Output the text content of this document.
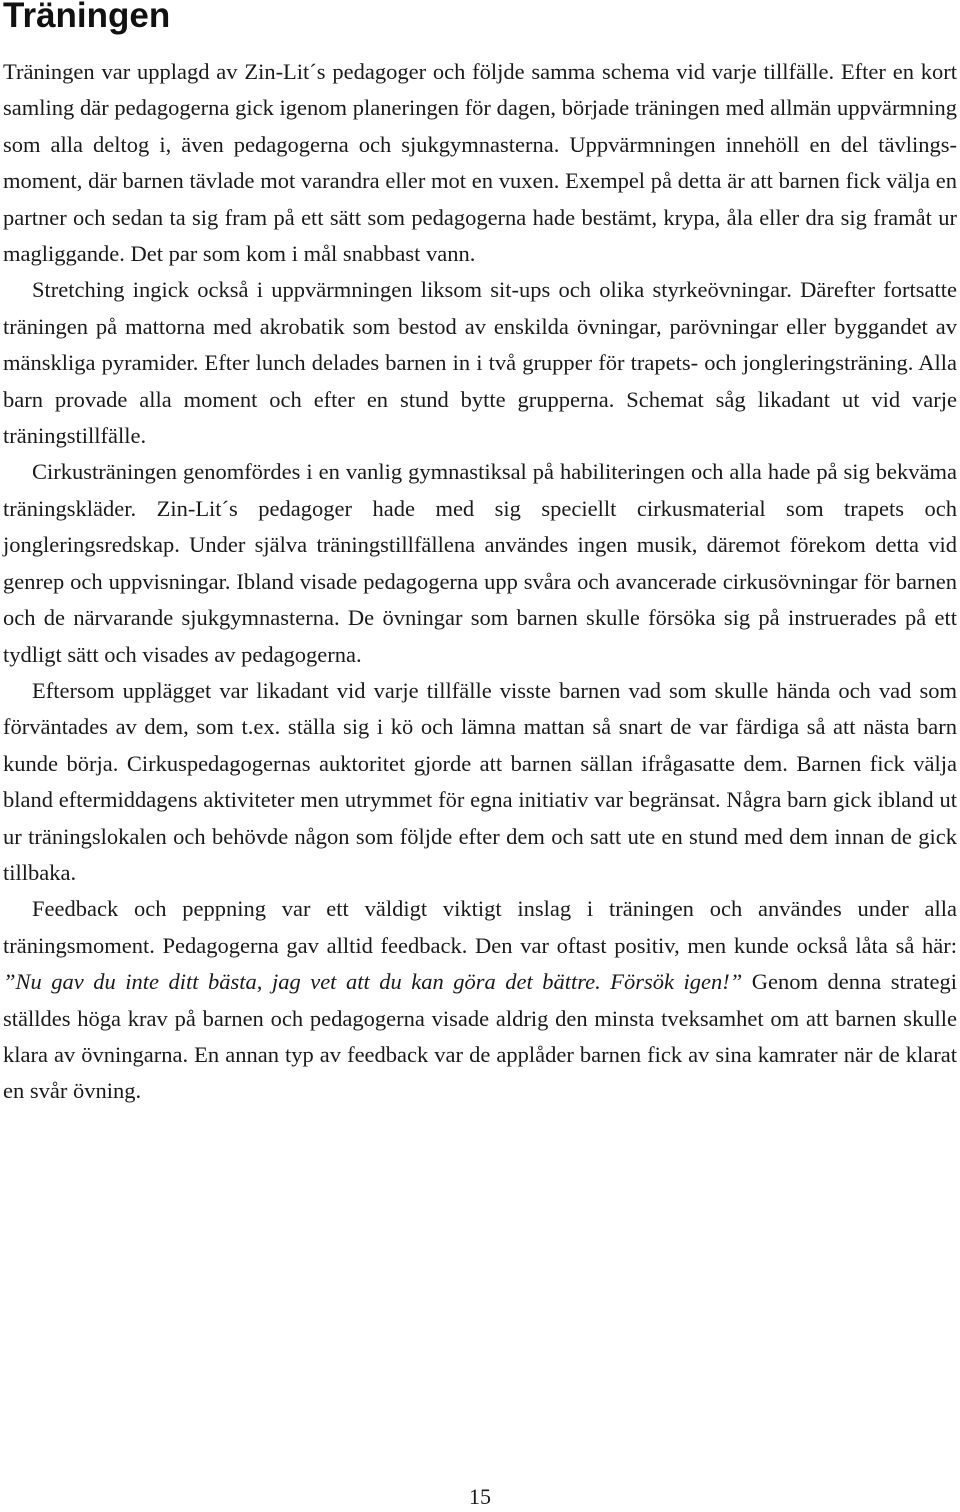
Träningen

Träningen var upplagd av Zin-Lit´s pedagoger och följde samma schema vid varje tillfälle. Efter en kort samling där pedagogerna gick igenom planeringen för dagen, började träningen med allmän uppvärmning som alla deltog i, även pedagogerna och sjukgymnasterna. Uppvärmningen innehöll en del tävlingsmoment, där barnen tävlade mot varandra eller mot en vuxen. Exempel på detta är att barnen fick välja en partner och sedan ta sig fram på ett sätt som pedagogerna hade bestämt, krypa, åla eller dra sig framåt ur magliggande. Det par som kom i mål snabbast vann.

Stretching ingick också i uppvärmningen liksom sit-ups och olika styrkeövningar. Därefter fortsatte träningen på mattorna med akrobatik som bestod av enskilda övningar, parövningar eller byggandet av mänskliga pyramider. Efter lunch delades barnen in i två grupper för trapets- och jongleringsträning. Alla barn provade alla moment och efter en stund bytte grupperna. Schemat såg likadant ut vid varje träningstillfälle.

Cirkusträningen genomfördes i en vanlig gymnastiksal på habiliteringen och alla hade på sig bekväma träningskläder. Zin-Lit´s pedagoger hade med sig speciellt cirkusmaterial som trapets och jongleringsredskap. Under själva träningstillfällena användes ingen musik, däremot förekom detta vid genrep och uppvisningar. Ibland visade pedagogerna upp svåra och avancerade cirkusövningar för barnen och de närvarande sjukgymnasterna. De övningar som barnen skulle försöka sig på instruerades på ett tydligt sätt och visades av pedagogerna.

Eftersom upplägget var likadant vid varje tillfälle visste barnen vad som skulle hända och vad som förväntades av dem, som t.ex. ställa sig i kö och lämna mattan så snart de var färdiga så att nästa barn kunde börja. Cirkuspedagogernas auktoritet gjorde att barnen sällan ifrågasatte dem. Barnen fick välja bland eftermiddagens aktiviteter men utrymmet för egna initiativ var begränsat. Några barn gick ibland ut ur träningslokalen och behövde någon som följde efter dem och satt ute en stund med dem innan de gick tillbaka.

Feedback och peppning var ett väldigt viktigt inslag i träningen och användes under alla träningsmoment. Pedagogerna gav alltid feedback. Den var oftast positiv, men kunde också låta så här: ”Nu gav du inte ditt bästa, jag vet att du kan göra det bättre. Försök igen!” Genom denna strategi ställdes höga krav på barnen och pedagogerna visade aldrig den minsta tveksamhet om att barnen skulle klara av övningarna. En annan typ av feedback var de applåder barnen fick av sina kamrater när de klarat en svår övning.

15
